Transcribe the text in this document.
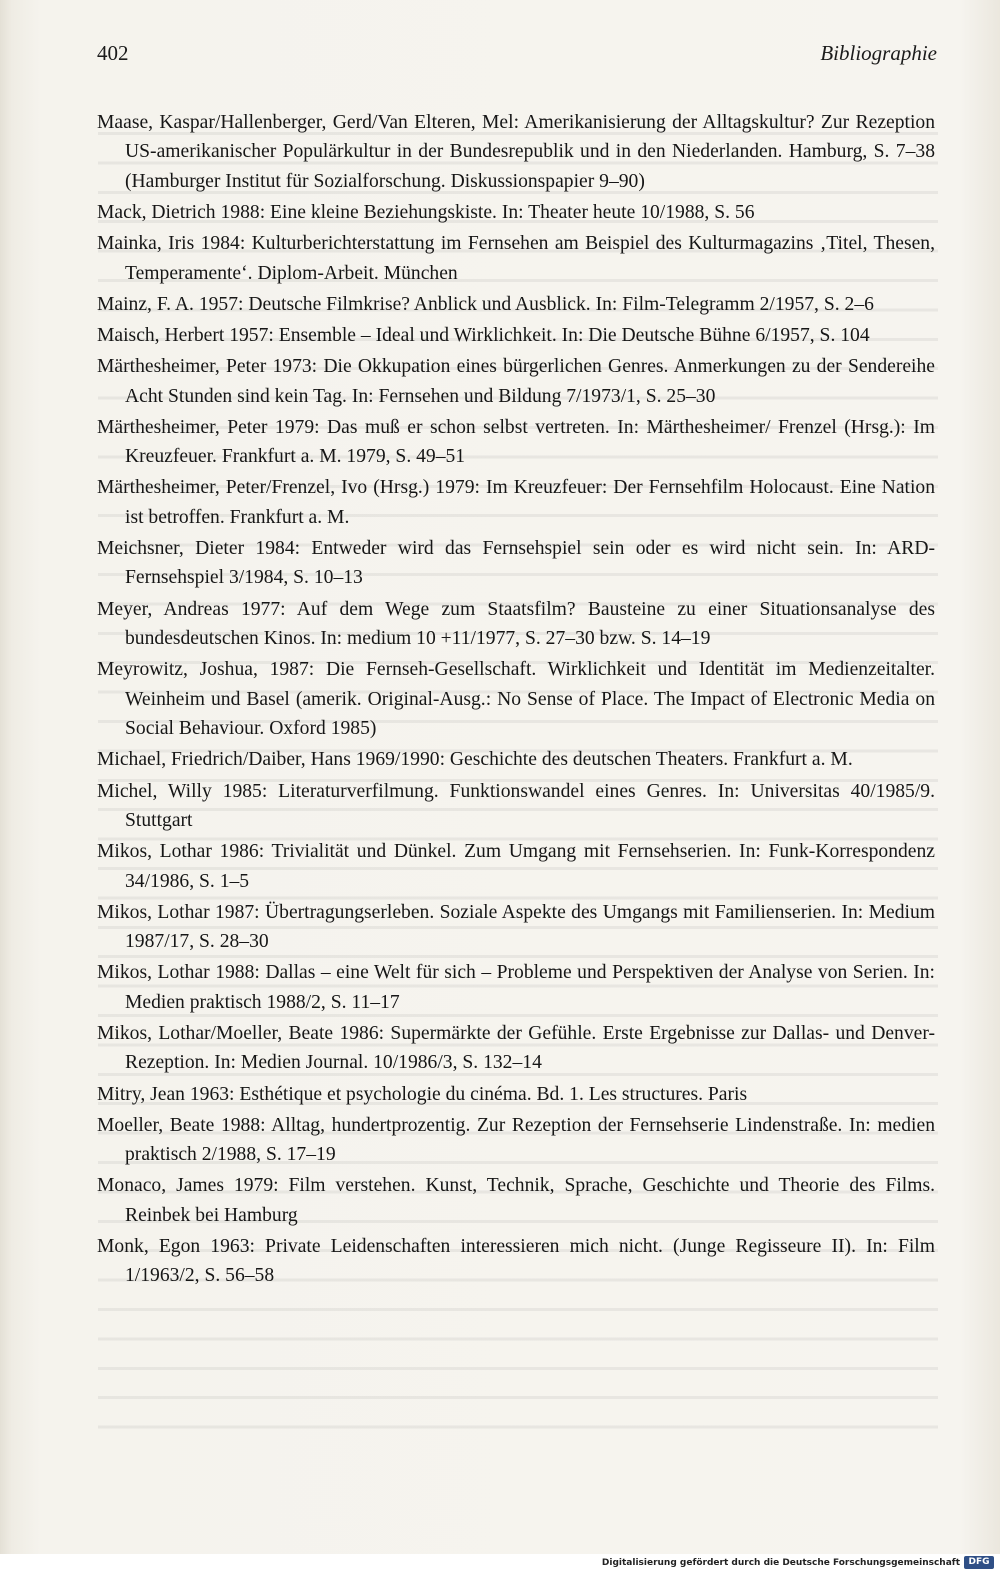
402	Bibliographie
Maase, Kaspar/Hallenberger, Gerd/Van Elteren, Mel: Amerikanisierung der Alltagskultur? Zur Rezeption US-amerikanischer Populärkultur in der Bundesrepublik und in den Niederlanden. Hamburg, S. 7–38 (Hamburger Institut für Sozialforschung. Diskussionspapier 9–90)
Mack, Dietrich 1988: Eine kleine Beziehungskiste. In: Theater heute 10/1988, S. 56
Mainka, Iris 1984: Kulturberichterstattung im Fernsehen am Beispiel des Kulturmagazins ‚Titel, Thesen, Temperamente‘. Diplom-Arbeit. München
Mainz, F. A. 1957: Deutsche Filmkrise? Anblick und Ausblick. In: Film-Telegramm 2/1957, S. 2–6
Maisch, Herbert 1957: Ensemble – Ideal und Wirklichkeit. In: Die Deutsche Bühne 6/1957, S. 104
Märthesheimer, Peter 1973: Die Okkupation eines bürgerlichen Genres. Anmerkungen zu der Sendereihe Acht Stunden sind kein Tag. In: Fernsehen und Bildung 7/1973/1, S. 25–30
Märthesheimer, Peter 1979: Das muß er schon selbst vertreten. In: Märthesheimer/ Frenzel (Hrsg.): Im Kreuzfeuer. Frankfurt a. M. 1979, S. 49–51
Märthesheimer, Peter/Frenzel, Ivo (Hrsg.) 1979: Im Kreuzfeuer: Der Fernsehfilm Holocaust. Eine Nation ist betroffen. Frankfurt a. M.
Meichsner, Dieter 1984: Entweder wird das Fernsehspiel sein oder es wird nicht sein. In: ARD-Fernsehspiel 3/1984, S. 10–13
Meyer, Andreas 1977: Auf dem Wege zum Staatsfilm? Bausteine zu einer Situationsanalyse des bundesdeutschen Kinos. In: medium 10 +11/1977, S. 27–30 bzw. S. 14–19
Meyrowitz, Joshua, 1987: Die Fernseh-Gesellschaft. Wirklichkeit und Identität im Medienzeitalter. Weinheim und Basel (amerik. Original-Ausg.: No Sense of Place. The Impact of Electronic Media on Social Behaviour. Oxford 1985)
Michael, Friedrich/Daiber, Hans 1969/1990: Geschichte des deutschen Theaters. Frankfurt a. M.
Michel, Willy 1985: Literaturverfilmung. Funktionswandel eines Genres. In: Universitas 40/1985/9. Stuttgart
Mikos, Lothar 1986: Trivialität und Dünkel. Zum Umgang mit Fernsehserien. In: Funk-Korrespondenz 34/1986, S. 1–5
Mikos, Lothar 1987: Übertragungserleben. Soziale Aspekte des Umgangs mit Familienserien. In: Medium 1987/17, S. 28–30
Mikos, Lothar 1988: Dallas – eine Welt für sich – Probleme und Perspektiven der Analyse von Serien. In: Medien praktisch 1988/2, S. 11–17
Mikos, Lothar/Moeller, Beate 1986: Supermärkte der Gefühle. Erste Ergebnisse zur Dallas- und Denver-Rezeption. In: Medien Journal. 10/1986/3, S. 132–14
Mitry, Jean 1963: Esthétique et psychologie du cinéma. Bd. 1. Les structures. Paris
Moeller, Beate 1988: Alltag, hundertprozentig. Zur Rezeption der Fernsehserie Lindenstraße. In: medien praktisch 2/1988, S. 17–19
Monaco, James 1979: Film verstehen. Kunst, Technik, Sprache, Geschichte und Theorie des Films. Reinbek bei Hamburg
Monk, Egon 1963: Private Leidenschaften interessieren mich nicht. (Junge Regisseure II). In: Film 1/1963/2, S. 56–58
Digitalisierung gefördert durch die Deutsche Forschungsgemeinschaft DFG
